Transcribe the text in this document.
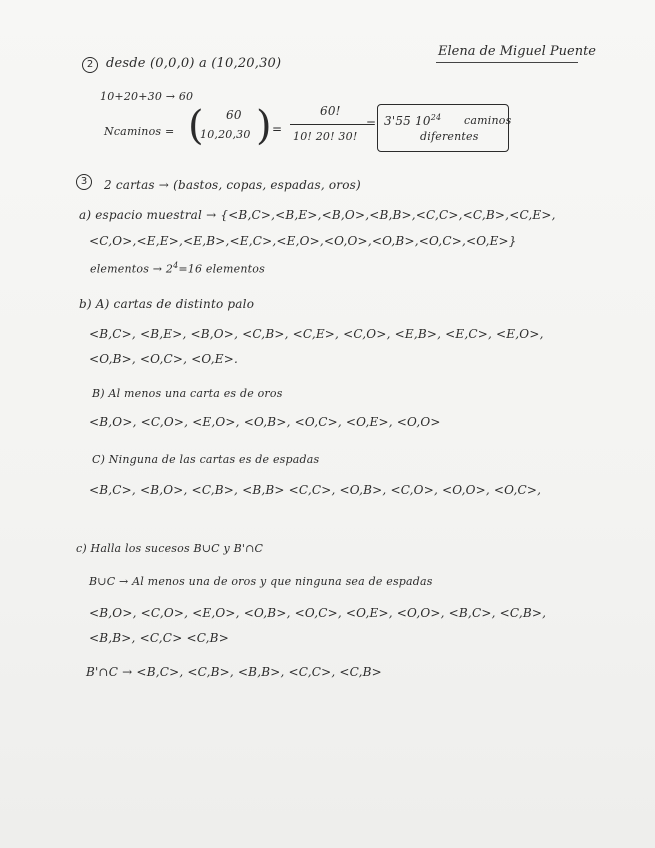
Elena de Miguel Puente
2 desde (0,0,0) a (10,20,30)
10+20+30 → 60
Ncaminos = ( 60
10,20,30 ) =
60!
10! 20! 30!
= 3'55 $10^{24}$ caminos
diferentes
3	2 cartas → (bastos, copas, espadas, oros)
a) espacio muestral → {<B,C>,<B,E>,<B,O>,<B,B>,<C,C>,<C,B>,<C,E>,
<C,O>,<E,E>,<E,B>,<E,C>,<E,O>,<O,O>,<O,B>,<O,C>,<O,E>}
elementos → $2^4=16$ elementos
b) A) cartas de distinto palo
<B,C>, <B,E>, <B,O>, <C,B>, <C,E>, <C,O>, <E,B>, <E,C>, <E,O>,
<O,B>, <O,C>, <O,E>.
B) Al menos una carta es de oros
<B,O>, <C,O>, <E,O>, <O,B>, <O,C>, <O,E>, <O,O>
C) Ninguna de las cartas es de espadas
<B,C>, <B,O>, <C,B>, <B,B> <C,C>, <O,B>, <C,O>, <O,O>, <O,C>,
c) Halla los sucesos B∪C y B'∩C
B∪C → Al menos una de oros y que ninguna sea de espadas
<B,O>, <C,O>, <E,O>, <O,B>, <O,C>, <O,E>, <O,O>, <B,C>, <C,B>,
<B,B>, <C,C> <C,B>
B'∩C → <B,C>, <C,B>, <B,B>, <C,C>, <C,B>
